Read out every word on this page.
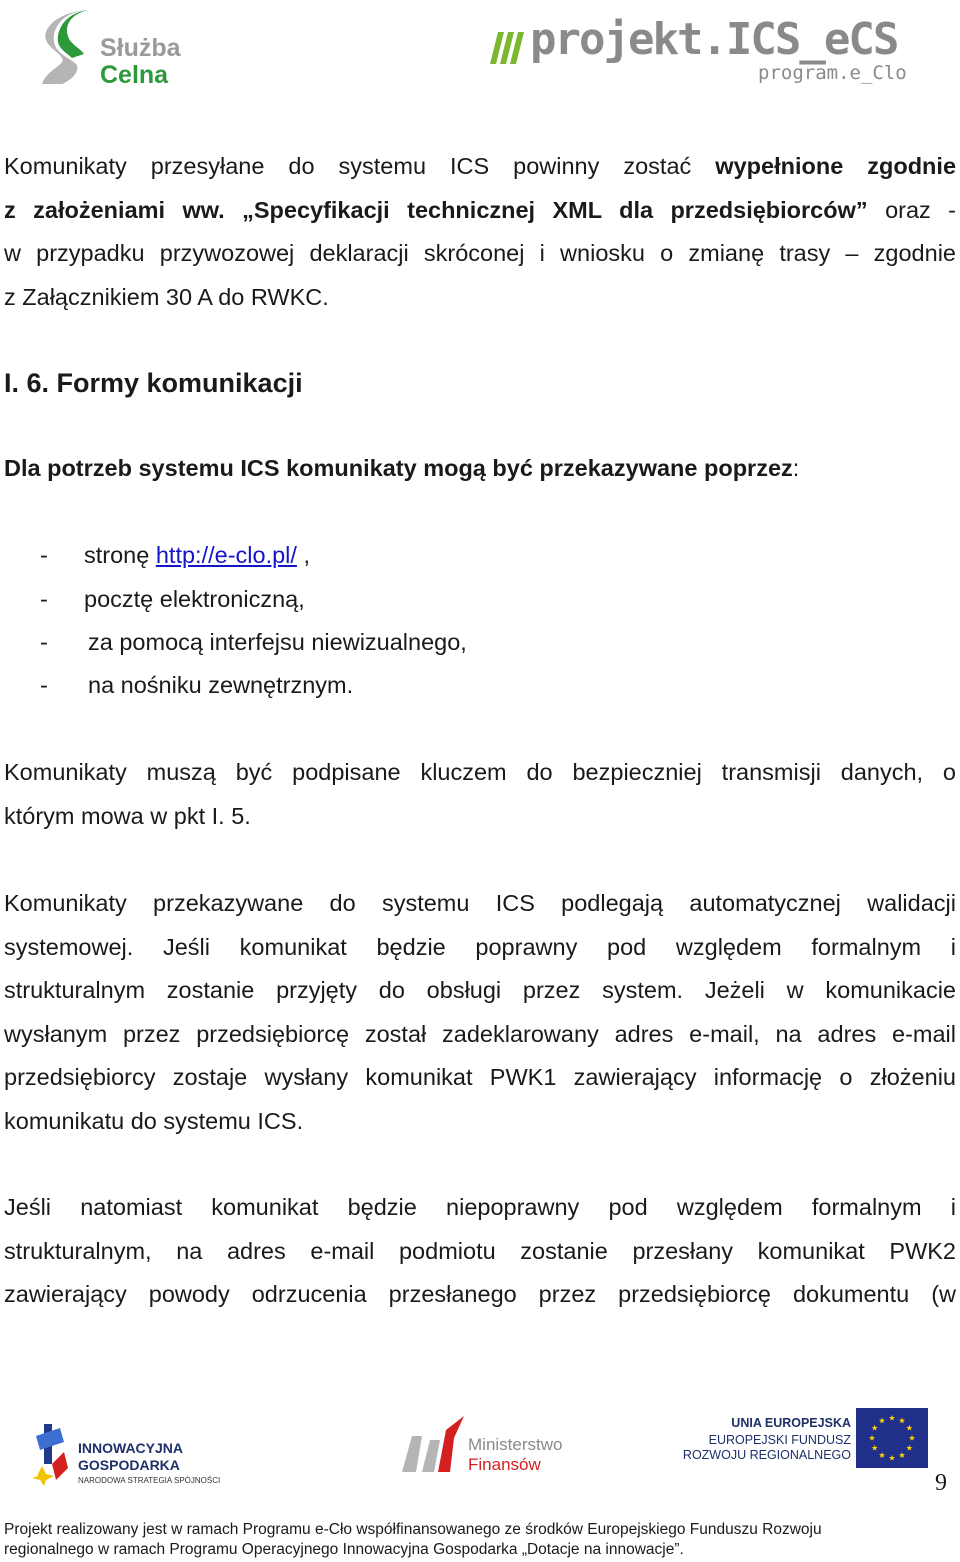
Służba
Celna
projekt.ICS_eCS
program.e_Clo
Komunikaty przesyłane do systemu ICS powinny zostać wypełnione zgodnie
z założeniami ww. „Specyfikacji technicznej XML dla przedsiębiorców” oraz -
w przypadku przywozowej deklaracji skróconej i wniosku o zmianę trasy – zgodnie
z Załącznikiem 30 A do RWKC.
I. 6. Formy komunikacji
Dla potrzeb systemu ICS komunikaty mogą być przekazywane poprzez:
- stronę http://e-clo.pl/ ,
- pocztę elektroniczną,
- za pomocą interfejsu niewizualnego,
- na nośniku zewnętrznym.
Komunikaty muszą być podpisane kluczem do bezpieczniej transmisji danych, o
którym mowa w pkt I. 5.
Komunikaty przekazywane do systemu ICS podlegają automatycznej walidacji
systemowej. Jeśli komunikat będzie poprawny pod względem formalnym i
strukturalnym zostanie przyjęty do obsługi przez system. Jeżeli w komunikacie
wysłanym przez przedsiębiorcę został zadeklarowany adres e-mail, na adres e-mail
przedsiębiorcy zostaje wysłany komunikat PWK1 zawierający informację o złożeniu
komunikatu do systemu ICS.
Jeśli natomiast komunikat będzie niepoprawny pod względem formalnym i
strukturalnym, na adres e-mail podmiotu zostanie przesłany komunikat PWK2
zawierający powody odrzucenia przesłanego przez przedsiębiorcę dokumentu (w
INNOWACYJNA
GOSPODARKA
NARODOWA STRATEGIA SPÓJNOŚCI
Ministerstwo
Finansów
UNIA EUROPEJSKA
EUROPEJSKI FUNDUSZ
ROZWOJU REGIONALNEGO
9
Projekt realizowany jest w ramach Programu e-Cło współfinansowanego ze środków Europejskiego Funduszu Rozwoju
regionalnego w ramach Programu Operacyjnego Innowacyjna Gospodarka „Dotacje na innowacje”.
